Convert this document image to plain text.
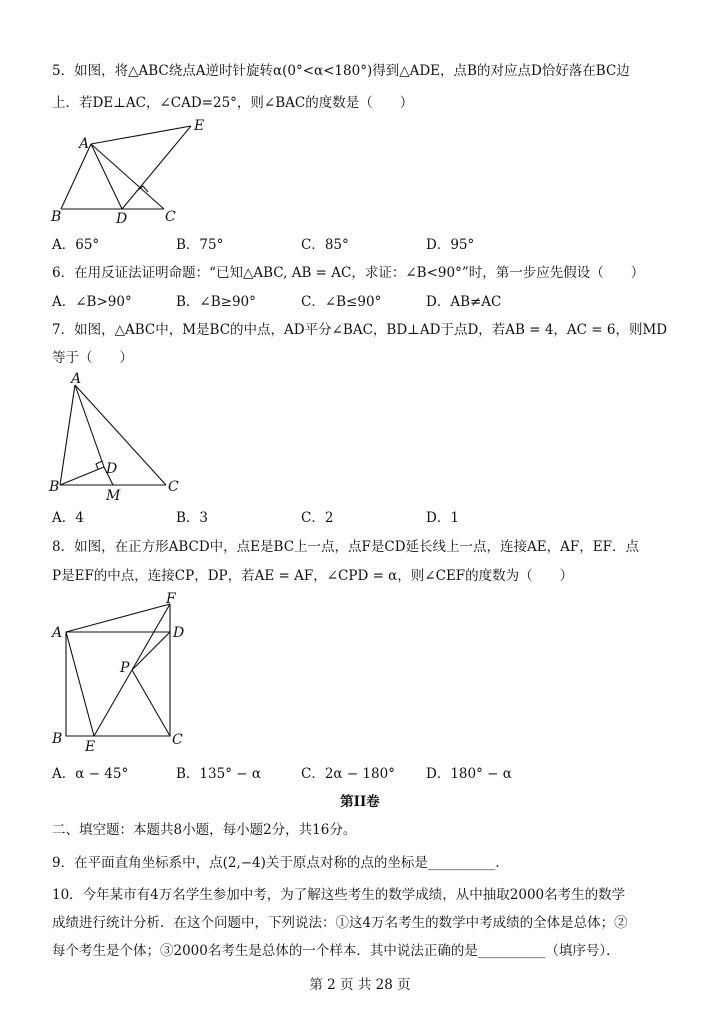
5．如图，将△ABC绕点A逆时针旋转α(0°<α<180°)得到△ADE，点B的对应点D恰好落在BC边
上．若DE⊥AC，∠CAD=25°，则∠BAC的度数是（　　）
A
E
B	D	C
A．65°	B．75°	C．85°	D．95°
6．在用反证法证明命题：“已知△ABC, AB = AC，求证：∠B<90°”时，第一步应先假设（　　）
A．∠B>90°	B．∠B≥90°	C．∠B≤90°	D．AB≠AC
7．如图，△ABC中，M是BC的中点，AD平分∠BAC，BD⊥AD于点D，若AB = 4，AC = 6，则MD
等于（　　）
A
D
B
M
C
A．4	B．3	C．2	D．1
8．如图，在正方形ABCD中，点E是BC上一点，点F是CD延长线上一点，连接AE，AF，EF．点
P是EF的中点，连接CP，DP，若AE = AF，∠CPD = α，则∠CEF的度数为（　　）
F
A	D
P
B E	C
A．α − 45°	B．135° − α	C．2α − 180° D．180° − α
第II卷
二、填空题：本题共8小题，每小题2分，共16分。
9．在平面直角坐标系中，点(2,−4)关于原点对称的点的坐标是__________．
10．今年某市有4万名学生参加中考，为了解这些考生的数学成绩，从中抽取2000名考生的数学
成绩进行统计分析．在这个问题中，下列说法：①这4万名考生的数学中考成绩的全体是总体；②
每个考生是个体；③2000名考生是总体的一个样本．其中说法正确的是__________（填序号）．
第 2 页 共 28 页
